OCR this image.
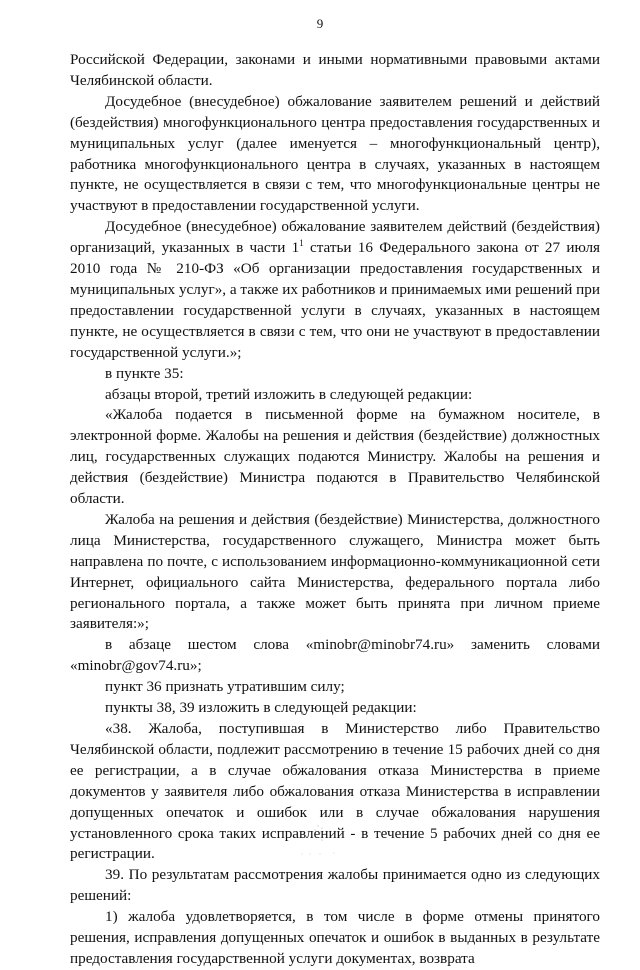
9

Российской Федерации, законами и иными нормативными правовыми актами Челябинской области.

Досудебное (внесудебное) обжалование заявителем решений и действий (бездействия) многофункционального центра предоставления государственных и муниципальных услуг (далее именуется – многофункциональный центр), работника многофункционального центра в случаях, указанных в настоящем пункте, не осуществляется в связи с тем, что многофункциональные центры не участвуют в предоставлении государственной услуги.

Досудебное (внесудебное) обжалование заявителем действий (бездействия) организаций, указанных в части $1^1$ статьи 16 Федерального закона от 27 июля 2010 года № 210-ФЗ «Об организации предоставления государственных и муниципальных услуг», а также их работников и принимаемых ими решений при предоставлении государственной услуги в случаях, указанных в настоящем пункте, не осуществляется в связи с тем, что они не участвуют в предоставлении государственной услуги.»;

в пункте 35:

абзацы второй, третий изложить в следующей редакции:

«Жалоба подается в письменной форме на бумажном носителе, в электронной форме. Жалобы на решения и действия (бездействие) должностных лиц, государственных служащих подаются Министру. Жалобы на решения и действия (бездействие) Министра подаются в Правительство Челябинской области.

Жалоба на решения и действия (бездействие) Министерства, должностного лица Министерства, государственного служащего, Министра может быть направлена по почте, с использованием информационно-коммуникационной сети Интернет, официального сайта Министерства, федерального портала либо регионального портала, а также может быть принята при личном приеме заявителя:»;

в абзаце шестом слова «minobr@minobr74.ru» заменить словами «minobr@gov74.ru»;

пункт 36 признать утратившим силу;

пункты 38, 39 изложить в следующей редакции:

«38. Жалоба, поступившая в Министерство либо Правительство Челябинской области, подлежит рассмотрению в течение 15 рабочих дней со дня ее регистрации, а в случае обжалования отказа Министерства в приеме документов у заявителя либо обжалования отказа Министерства в исправлении допущенных опечаток и ошибок или в случае обжалования нарушения установленного срока таких исправлений - в течение 5 рабочих дней со дня ее регистрации.

39. По результатам рассмотрения жалобы принимается одно из следующих решений:

1) жалоба удовлетворяется, в том числе в форме отмены принятого решения, исправления допущенных опечаток и ошибок в выданных в результате предоставления государственной услуги документах, возврата
